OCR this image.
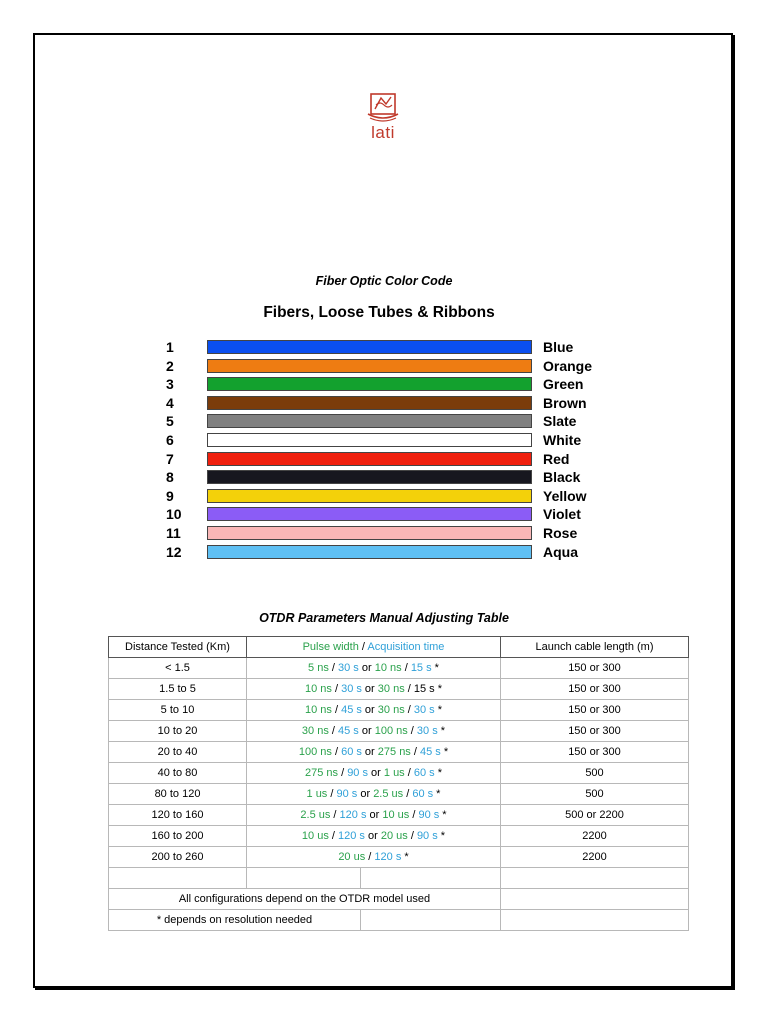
lati
Fiber Optic Color Code
Fibers, Loose Tubes & Ribbons
1	Blue
2	Orange
3	Green
4	Brown
5	Slate
6	White
7	Red
8	Black
9	Yellow
10	Violet
11	Rose
12	Aqua
OTDR Parameters Manual Adjusting Table
Distance Tested (Km)	Pulse width / Acquisition time		Launch cable length (m)
< 1.5	5 ns / 30 s or 10 ns / 15 s *		150 or 300
1.5 to 5	10 ns / 30 s or 30 ns / 15 s *		150 or 300
5 to 10	10 ns / 45 s or 30 ns / 30 s *		150 or 300
10 to 20	30 ns / 45 s or 100 ns / 30 s *		150 or 300
20 to 40	100 ns / 60 s or 275 ns / 45 s *		150 or 300
40 to 80	275 ns / 90 s or 1 us / 60 s *		500
80 to 120	1 us / 90 s or 2.5 us / 60 s *		500
120 to 160	2.5 us / 120 s or 10 us / 90 s *		500 or 2200
160 to 200	10 us / 120 s or 20 us / 90 s *		2200
200 to 260	20 us / 120 s *		2200

All configurations depend on the OTDR model used			
* depends on resolution needed			
